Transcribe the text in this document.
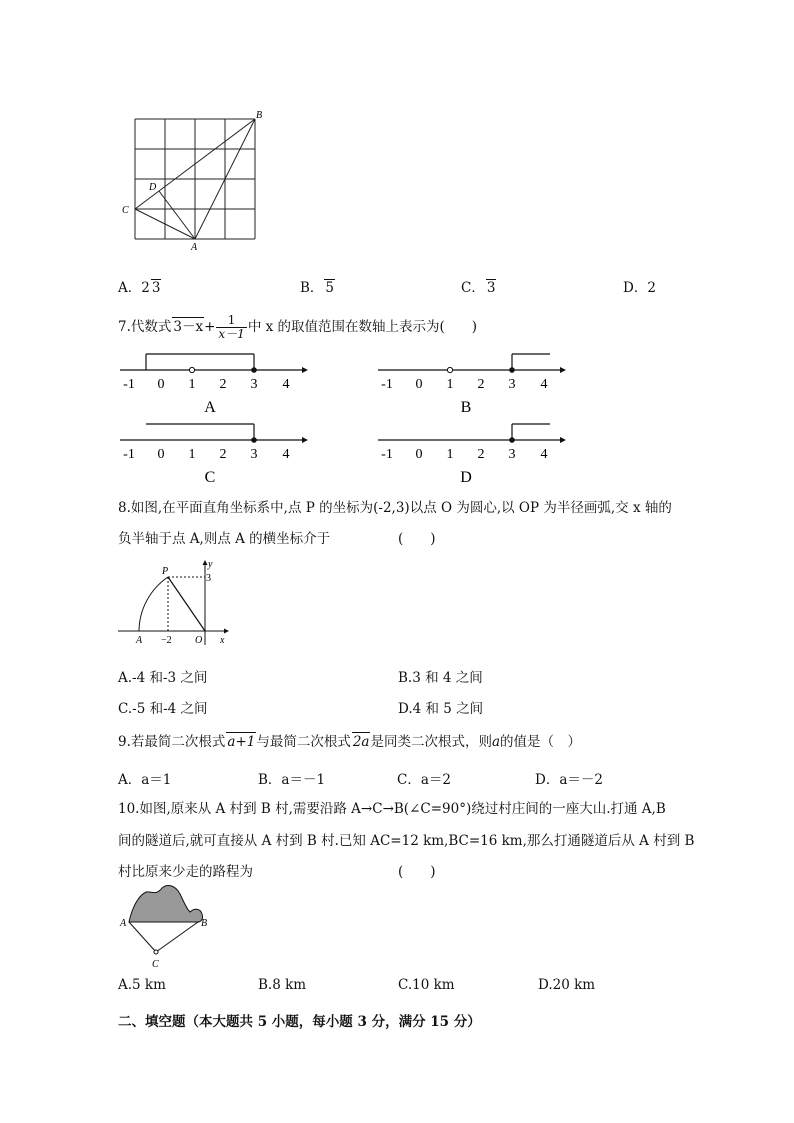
B
D
C
A
A．2 3	B． 5	C． 3	D．2
7.代数式 $3-x+ \frac{1}{x-1}$ 中 x 的取值范围在数轴上表示为(　　)
-1 0 1 2 3 4
A
-1 0 1 2 3 4
B
-1 0 1 2 3 4
C
-1 0 1 2 3 4
D
8.如图,在平面直角坐标系中,点 P 的坐标为(-2,3)以点 O 为圆心,以 OP 为半径画弧,交 x 轴的
负半轴于点 A,则点 A 的横坐标介于	(　　)
y
P
3
A −2 O x
A.-4 和-3 之间	B.3 和 4 之间
C.-5 和-4 之间	D.4 和 5 之间
9.若最简二次根式 a+1与最简二次根式 2a是同类二次根式，则a的值是（　）
A．a＝1	B．a＝－1	C．a＝2	D．a＝－2
10.如图,原来从 A 村到 B 村,需要沿路 A→C→B(∠C=90°)绕过村庄间的一座大山.打通 A,B
间的隧道后,就可直接从 A 村到 B 村.已知 AC=12 km,BC=16 km,那么打通隧道后从 A 村到 B
村比原来少走的路程为	(　　)
A	B
C
A.5 km	B.8 km	C.10 km	D.20 km
二、填空题（本大题共 5 小题，每小题 3 分，满分 15 分）
